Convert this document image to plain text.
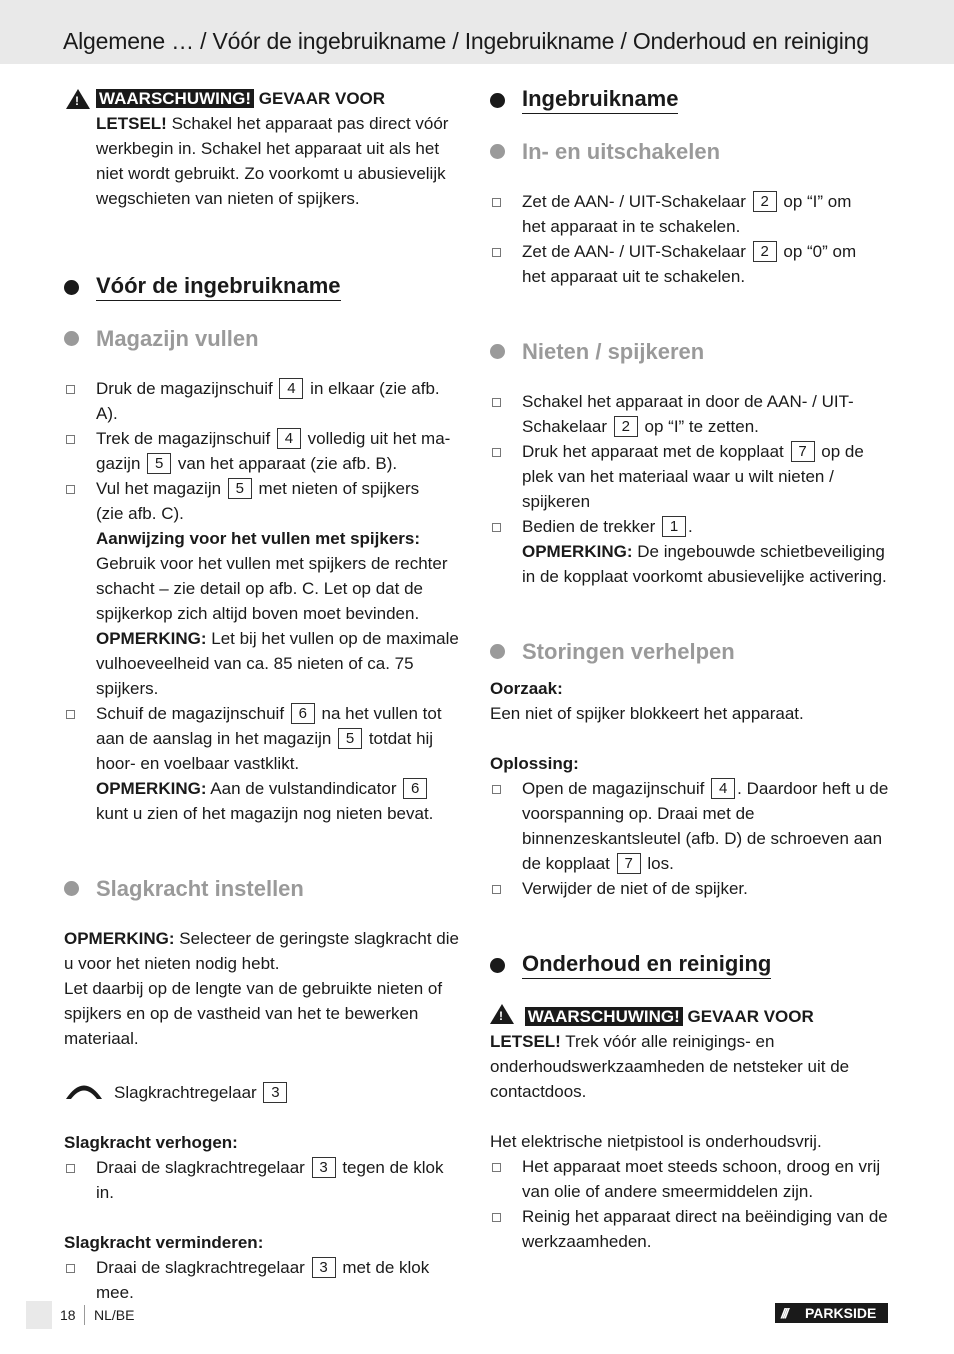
Algemene … / Vóór de ingebruikname / Ingebruikname / Onderhoud en reiniging
! WAARSCHUWING! GEVAAR VOOR
LETSEL! Schakel het apparaat pas direct vóór werkbegin in. Schakel het apparaat uit als het niet wordt gebruikt. Zo voorkomt u abusievelijk wegschieten van nieten of spijkers.
Vóór de ingebruikname
Magazijn vullen
Druk de magazijnschuif 4 in elkaar (zie afb. A).
Trek de magazijnschuif 4 volledig uit het ma-
gazijn 5 van het apparaat (zie afb. B).
Vul het magazijn 5 met nieten of spijkers
(zie afb. C).
Aanwijzing voor het vullen met spijkers:
Gebruik voor het vullen met spijkers de rechter schacht – zie detail op afb. C. Let op dat de spijkerkop zich altijd boven moet bevinden.
OPMERKING: Let bij het vullen op de maximale vulhoeveelheid van ca. 85 nieten of ca. 75 spijkers.
Schuif de magazijnschuif 6 na het vullen tot
aan de aanslag in het magazijn 5 totdat hij
hoor- en voelbaar vastklikt.
OPMERKING: Aan de vulstandindicator 6 kunt u zien of het magazijn nog nieten bevat.
Slagkracht instellen
OPMERKING: Selecteer de geringste slagkracht die u voor het nieten nodig hebt.
Let daarbij op de lengte van de gebruikte nieten of spijkers en op de vastheid van het te bewerken materiaal.
Slagkrachtregelaar 3
Slagkracht verhogen:
Draai de slagkrachtregelaar 3 tegen de klok in.
Slagkracht verminderen:
Draai de slagkrachtregelaar 3 met de klok mee.
Ingebruikname
In- en uitschakelen
Zet de AAN- / UIT-Schakelaar 2 op “I” om
het apparaat in te schakelen.
Zet de AAN- / UIT-Schakelaar 2 op “0” om
het apparaat uit te schakelen.
Nieten / spijkeren
Schakel het apparaat in door de AAN- / UIT-
Schakelaar 2 op “I” te zetten.
Druk het apparaat met de kopplaat 7 op de
plek van het materiaal waar u wilt nieten / spijkeren
Bedien de trekker 1 .
OPMERKING: De ingebouwde schietbeveiliging in de kopplaat voorkomt abusievelijke activering.
Storingen verhelpen
Oorzaak:
Een niet of spijker blokkeert het apparaat.
Oplossing:
Open de magazijnschuif 4 . Daardoor heft u de voorspanning op. Draai met de binnenzeskantsleutel (afb. D) de schroeven aan de kopplaat 7 los.
Verwijder de niet of de spijker.
Onderhoud en reiniging
! WAARSCHUWING! GEVAAR VOOR
LETSEL! Trek vóór alle reinigings- en onderhoudswerkzaamheden de netsteker uit de contactdoos.
Het elektrische nietpistool is onderhoudsvrij.
Het apparaat moet steeds schoon, droog en vrij van olie of andere smeermiddelen zijn.
Reinig het apparaat direct na beëindiging van de werkzaamheden.
18 NL/BE	/// PARKSIDE
